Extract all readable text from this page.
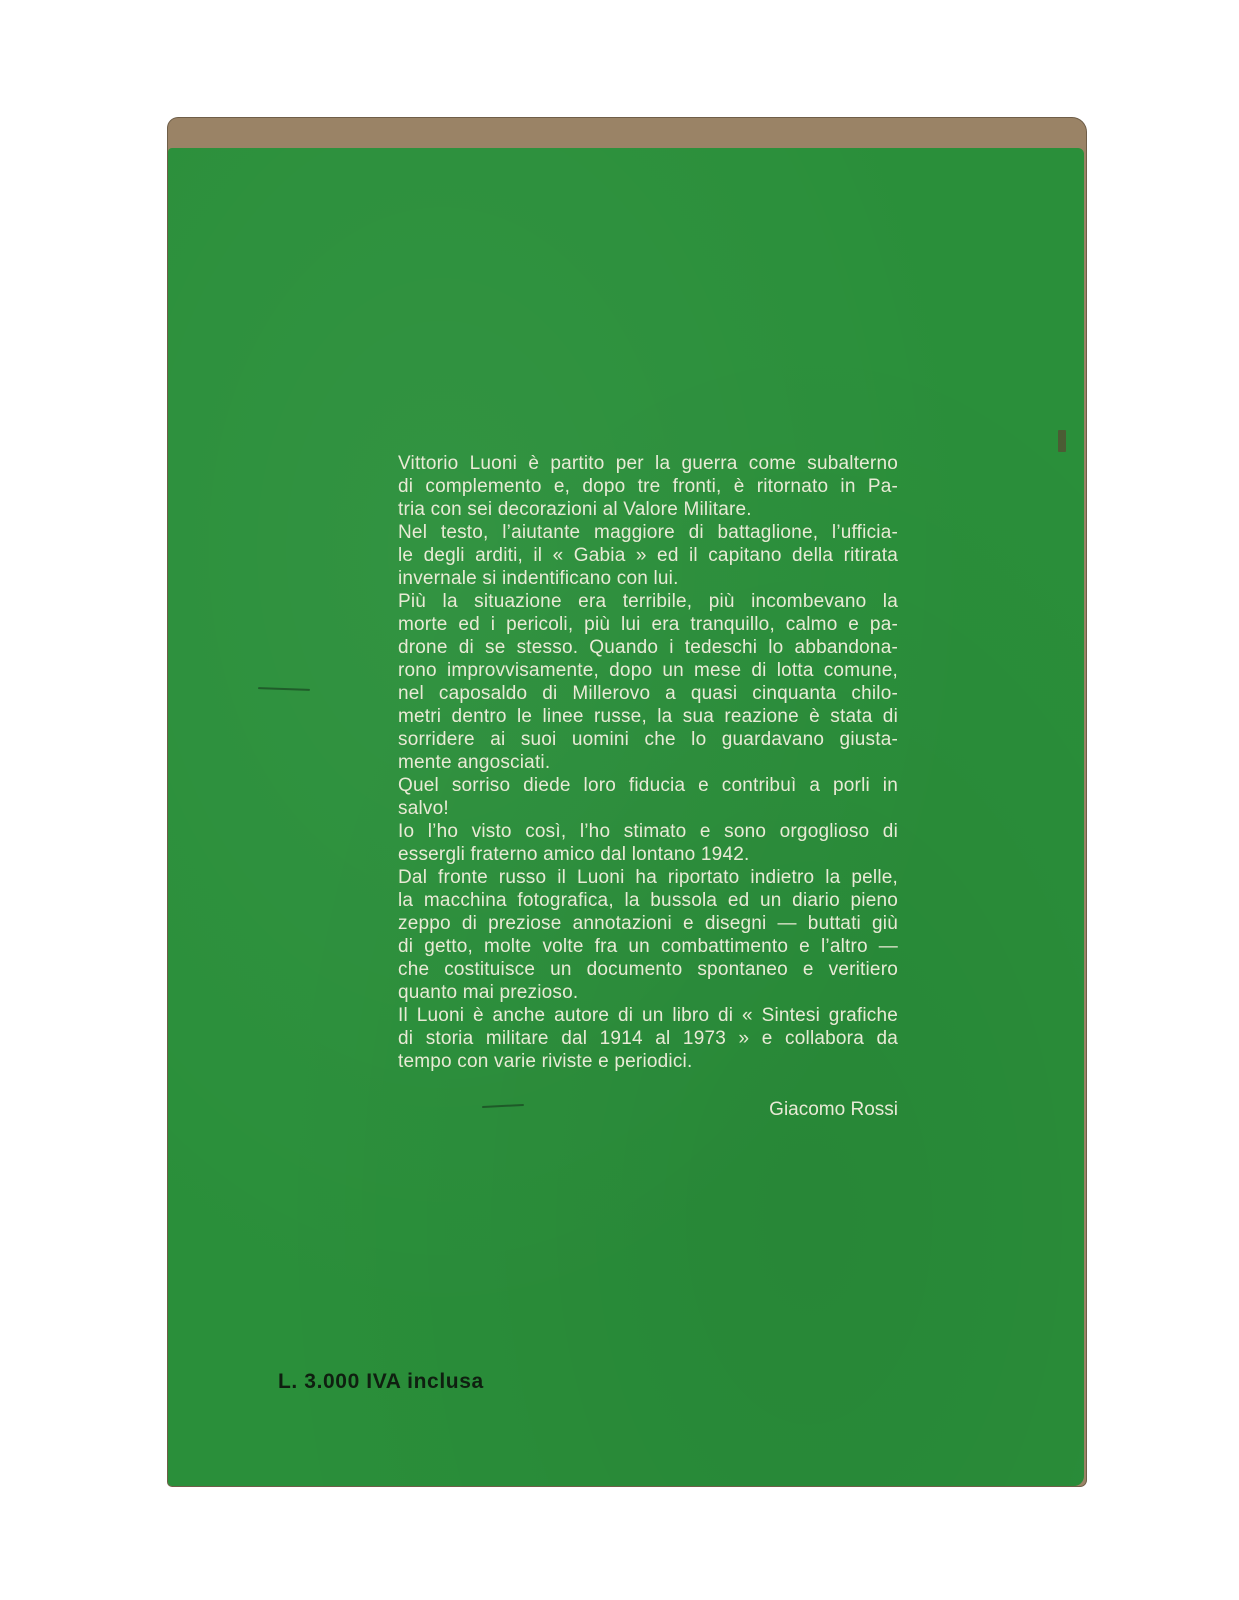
Vittorio Luoni è partito per la guerra come subalterno
di complemento e, dopo tre fronti, è ritornato in Pa-
tria con sei decorazioni al Valore Militare.
Nel testo, l’aiutante maggiore di battaglione, l’ufficia-
le degli arditi, il « Gabia » ed il capitano della ritirata
invernale si indentificano con lui.
Più la situazione era terribile, più incombevano la
morte ed i pericoli, più lui era tranquillo, calmo e pa-
drone di se stesso. Quando i tedeschi lo abbandona-
rono improvvisamente, dopo un mese di lotta comune,
nel caposaldo di Millerovo a quasi cinquanta chilo-
metri dentro le linee russe, la sua reazione è stata di
sorridere ai suoi uomini che lo guardavano giusta-
mente angosciati.
Quel sorriso diede loro fiducia e contribuì a porli in
salvo!
Io l’ho visto così, l’ho stimato e sono orgoglioso di
essergli fraterno amico dal lontano 1942.
Dal fronte russo il Luoni ha riportato indietro la pelle,
la macchina fotografica, la bussola ed un diario pieno
zeppo di preziose annotazioni e disegni — buttati giù
di getto, molte volte fra un combattimento e l’altro —
che costituisce un documento spontaneo e veritiero
quanto mai prezioso.
Il Luoni è anche autore di un libro di « Sintesi grafiche
di storia militare dal 1914 al 1973 » e collabora da
tempo con varie riviste e periodici.

Giacomo Rossi
L. 3.000 IVA inclusa
